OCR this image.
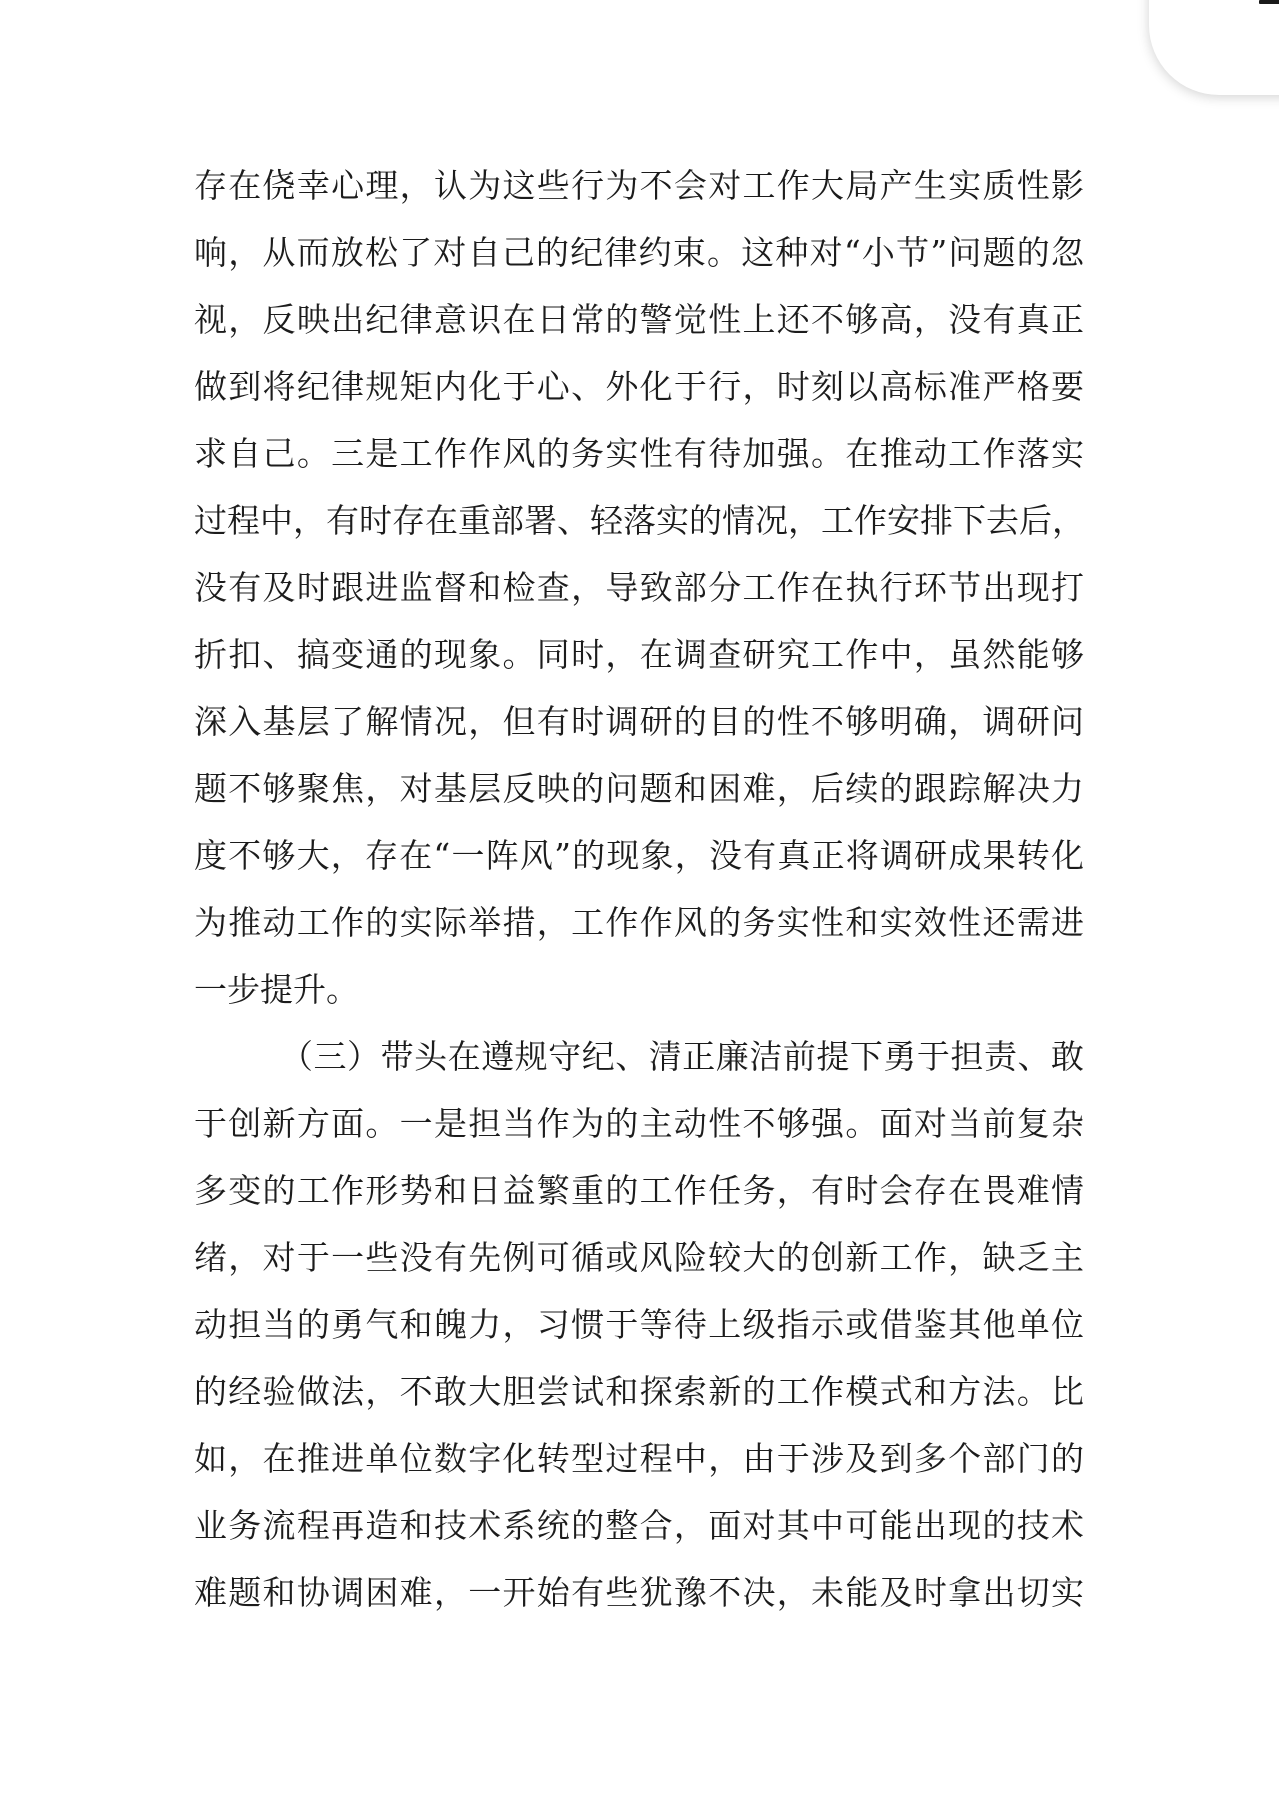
存在侥幸心理，认为这些行为不会对工作大局产生实质性影
响，从而放松了对自己的纪律约束。这种对“小节”问题的忽
视，反映出纪律意识在日常的警觉性上还不够高，没有真正
做到将纪律规矩内化于心、外化于行，时刻以高标准严格要
求自己。三是工作作风的务实性有待加强。在推动工作落实
过程中，有时存在重部署、轻落实的情况，工作安排下去后，
没有及时跟进监督和检查，导致部分工作在执行环节出现打
折扣、搞变通的现象。同时，在调查研究工作中，虽然能够
深入基层了解情况，但有时调研的目的性不够明确，调研问
题不够聚焦，对基层反映的问题和困难，后续的跟踪解决力
度不够大，存在“一阵风”的现象，没有真正将调研成果转化
为推动工作的实际举措，工作作风的务实性和实效性还需进
一步提升。
（三）带头在遵规守纪、清正廉洁前提下勇于担责、敢
于创新方面。一是担当作为的主动性不够强。面对当前复杂
多变的工作形势和日益繁重的工作任务，有时会存在畏难情
绪，对于一些没有先例可循或风险较大的创新工作，缺乏主
动担当的勇气和魄力，习惯于等待上级指示或借鉴其他单位
的经验做法，不敢大胆尝试和探索新的工作模式和方法。比
如，在推进单位数字化转型过程中，由于涉及到多个部门的
业务流程再造和技术系统的整合，面对其中可能出现的技术
难题和协调困难，一开始有些犹豫不决，未能及时拿出切实
